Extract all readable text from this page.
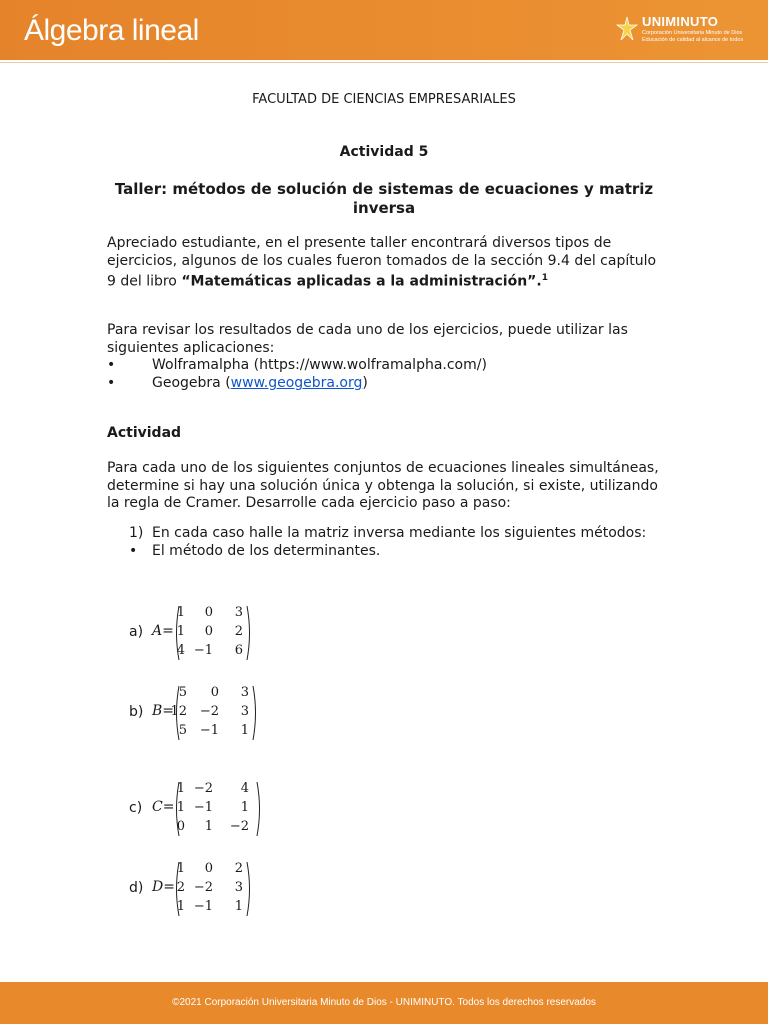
Álgebra lineal	UNIMINUTO
Corporación Universitaria Minuto de Dios
Educación de calidad al alcance de todos
FACULTAD DE CIENCIAS EMPRESARIALES
Actividad 5
Taller: métodos de solución de sistemas de ecuaciones y matriz inversa
Apreciado estudiante, en el presente taller encontrará diversos tipos de ejercicios, algunos de los cuales fueron tomados de la sección 9.4 del capítulo 9 del libro “Matemáticas aplicadas a la administración”.$^1$
Para revisar los resultados de cada uno de los ejercicios, puede utilizar las siguientes aplicaciones:
•	Wolframalpha (https://www.wolframalpha.com/)
•	Geogebra (www.geogebra.org)
Actividad
Para cada uno de los siguientes conjuntos de ecuaciones lineales simultáneas, determine si hay una solución única y obtenga la solución, si existe, utilizando la regla de Cramer. Desarrolle cada ejercicio paso a paso:
1) En cada caso halle la matriz inversa mediante los siguientes métodos:
• El método de los determinantes.
a) A=
1	0	3
1	0	2
4 −1	6
b) B=
5	0	3
12 −2	3
5 −1	1
c) C=
1 −2	4
1 −1	1
0	1	−2
d) D=
1	0	2
2 −2	3
1 −1	1
©2021 Corporación Universitaria Minuto de Dios - UNIMINUTO. Todos los derechos reservados
